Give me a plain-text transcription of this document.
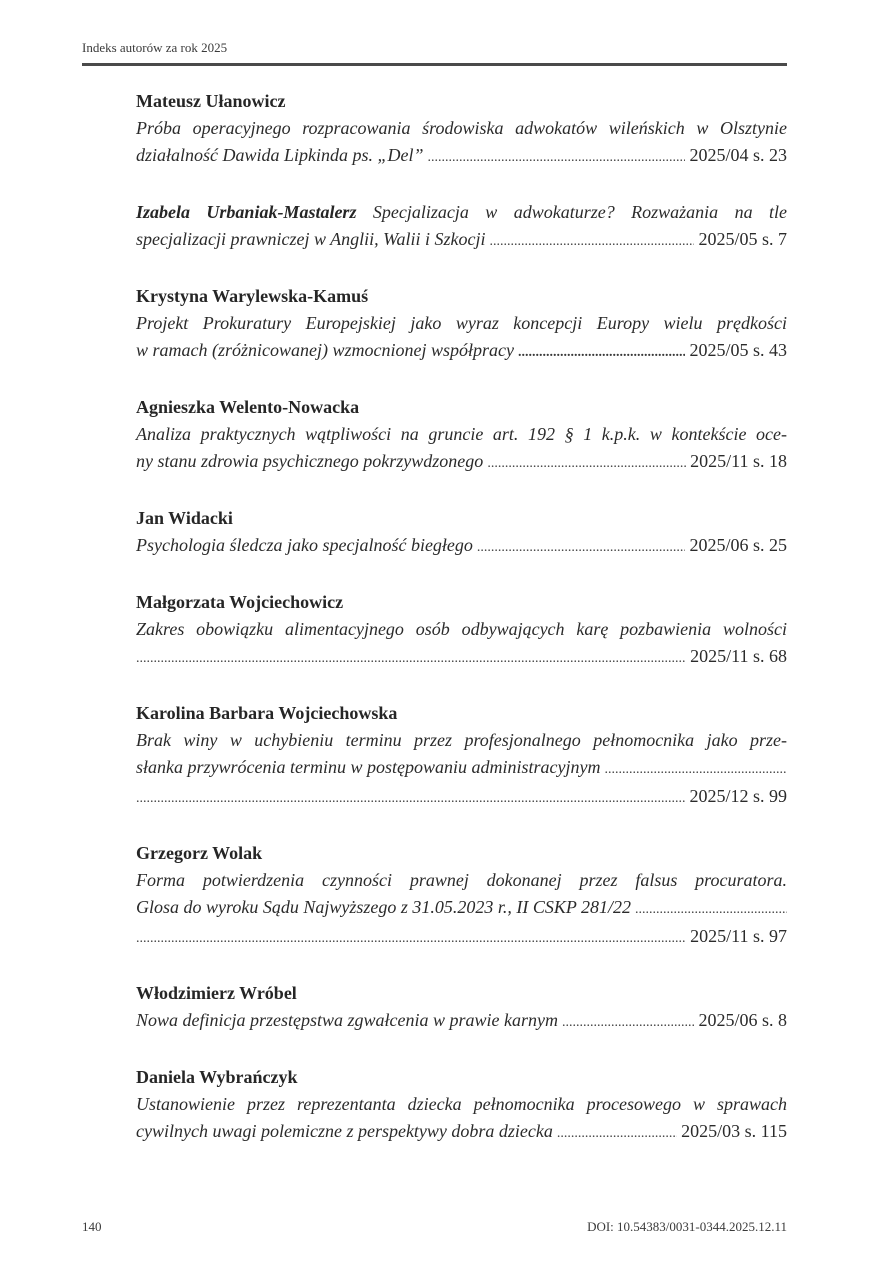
Indeks autorów za rok 2025
Mateusz Ułanowicz
Próba operacyjnego rozpracowania środowiska adwokatów wileńskich w Olsztynie
działalność Dawida Lipkinda ps. „Del” .....	2025/04 s. 23
Izabela Urbaniak-Mastalerz Specjalizacja w adwokaturze? Rozważania na tle
specjalizacji prawniczej w Anglii, Walii i Szkocji .....	2025/05 s. 7
Krystyna Warylewska-Kamuś
Projekt Prokuratury Europejskiej jako wyraz koncepcji Europy wielu prędkości
w ramach (zróżnicowanej) wzmocnionej współpracy .....	2025/05 s. 43
Agnieszka Welento-Nowacka
Analiza praktycznych wątpliwości na gruncie art. 192 § 1 k.p.k. w kontekście oce-
ny stanu zdrowia psychicznego pokrzywdzonego .....	2025/11 s. 18
Jan Widacki
Psychologia śledcza jako specjalność biegłego .....	2025/06 s. 25
Małgorzata Wojciechowicz
Zakres obowiązku alimentacyjnego osób odbywających karę pozbawienia wolności
.....
2025/11 s. 68
Karolina Barbara Wojciechowska
Brak winy w uchybieniu terminu przez profesjonalnego pełnomocnika jako prze-
słanka przywrócenia terminu w postępowaniu administracyjnym
.....
.....
2025/12 s. 99
Grzegorz Wolak
Forma potwierdzenia czynności prawnej dokonanej przez falsus procuratora.
Glosa do wyroku Sądu Najwyższego z 31.05.2023 r., II CSKP 281/22
.....
.....
2025/11 s. 97
Włodzimierz Wróbel
Nowa definicja przestępstwa zgwałcenia w prawie karnym .....	2025/06 s. 8
Daniela Wybrańczyk
Ustanowienie przez reprezentanta dziecka pełnomocnika procesowego w sprawach
cywilnych uwagi polemiczne z perspektywy dobra dziecka .....	2025/03 s. 115
140	DOI: 10.54383/0031-0344.2025.12.11
